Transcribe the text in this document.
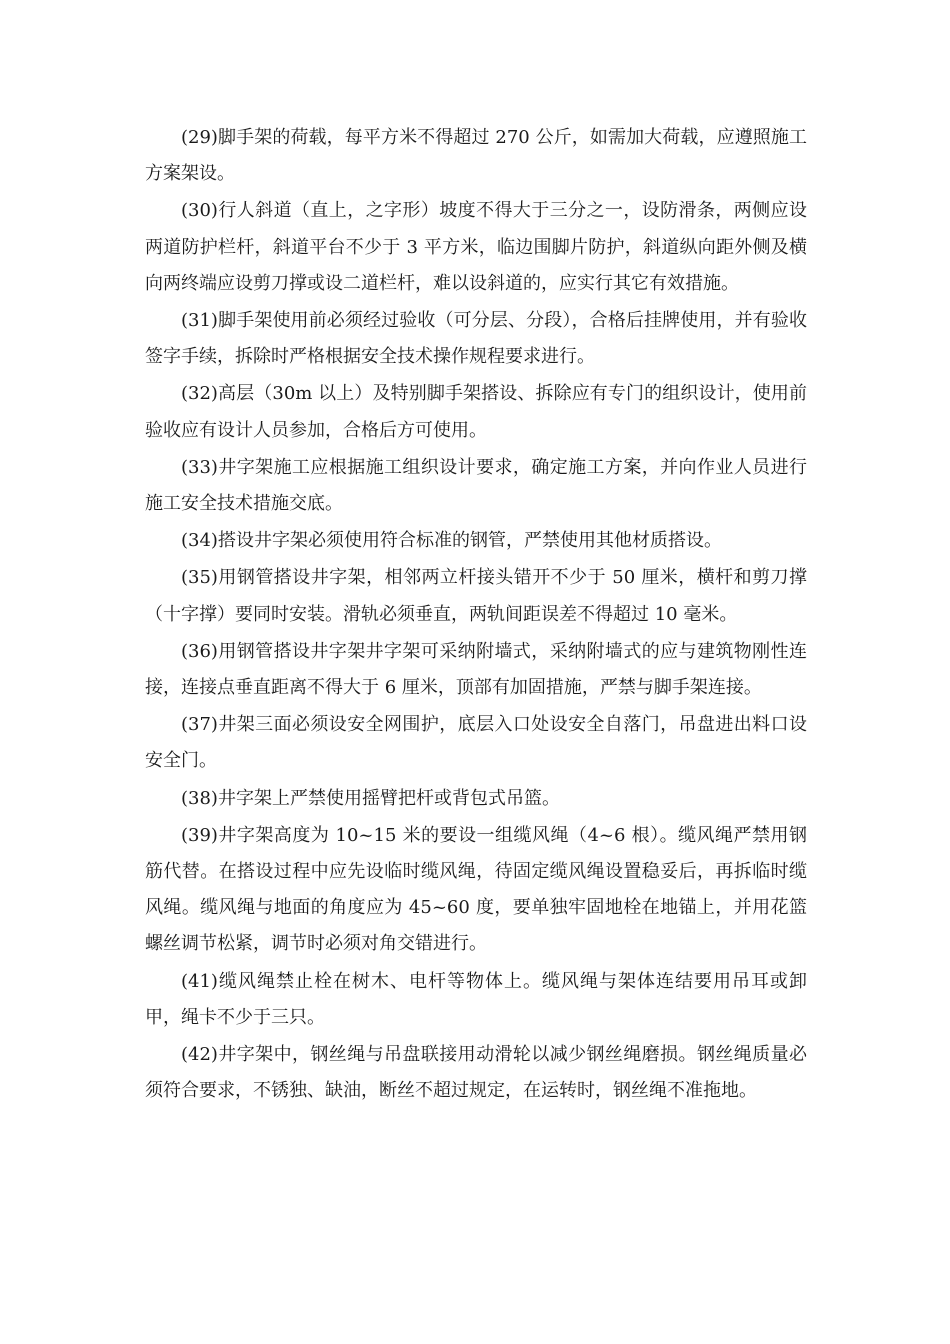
(29)脚手架的荷载，每平方米不得超过 270 公斤，如需加大荷载，应遵照施工方案架设。

(30)行人斜道（直上，之字形）坡度不得大于三分之一，设防滑条，两侧应设两道防护栏杆，斜道平台不少于 3 平方米，临边围脚片防护，斜道纵向距外侧及横向两终端应设剪刀撑或设二道栏杆，难以设斜道的，应实行其它有效措施。

(31)脚手架使用前必须经过验收（可分层、分段），合格后挂牌使用，并有验收签字手续，拆除时严格根据安全技术操作规程要求进行。

(32)高层（30m 以上）及特别脚手架搭设、拆除应有专门的组织设计，使用前验收应有设计人员参加，合格后方可使用。

(33)井字架施工应根据施工组织设计要求，确定施工方案，并向作业人员进行施工安全技术措施交底。

(34)搭设井字架必须使用符合标准的钢管，严禁使用其他材质搭设。

(35)用钢管搭设井字架，相邻两立杆接头错开不少于 50 厘米，横杆和剪刀撑（十字撑）要同时安装。滑轨必须垂直，两轨间距误差不得超过 10 毫米。

(36)用钢管搭设井字架井字架可采纳附墙式，采纳附墙式的应与建筑物刚性连接，连接点垂直距离不得大于 6 厘米，顶部有加固措施，严禁与脚手架连接。

(37)井架三面必须设安全网围护，底层入口处设安全自落门，吊盘进出料口设安全门。

(38)井字架上严禁使用摇臂把杆或背包式吊篮。

(39)井字架高度为 10~15 米的要设一组缆风绳（4~6 根）。缆风绳严禁用钢筋代替。在搭设过程中应先设临时缆风绳，待固定缆风绳设置稳妥后，再拆临时缆风绳。缆风绳与地面的角度应为 45~60 度，要单独牢固地栓在地锚上，并用花篮螺丝调节松紧，调节时必须对角交错进行。

(41)缆风绳禁止栓在树木、电杆等物体上。缆风绳与架体连结要用吊耳或卸甲，绳卡不少于三只。

(42)井字架中，钢丝绳与吊盘联接用动滑轮以减少钢丝绳磨损。钢丝绳质量必须符合要求，不锈独、缺油，断丝不超过规定，在运转时，钢丝绳不准拖地。
